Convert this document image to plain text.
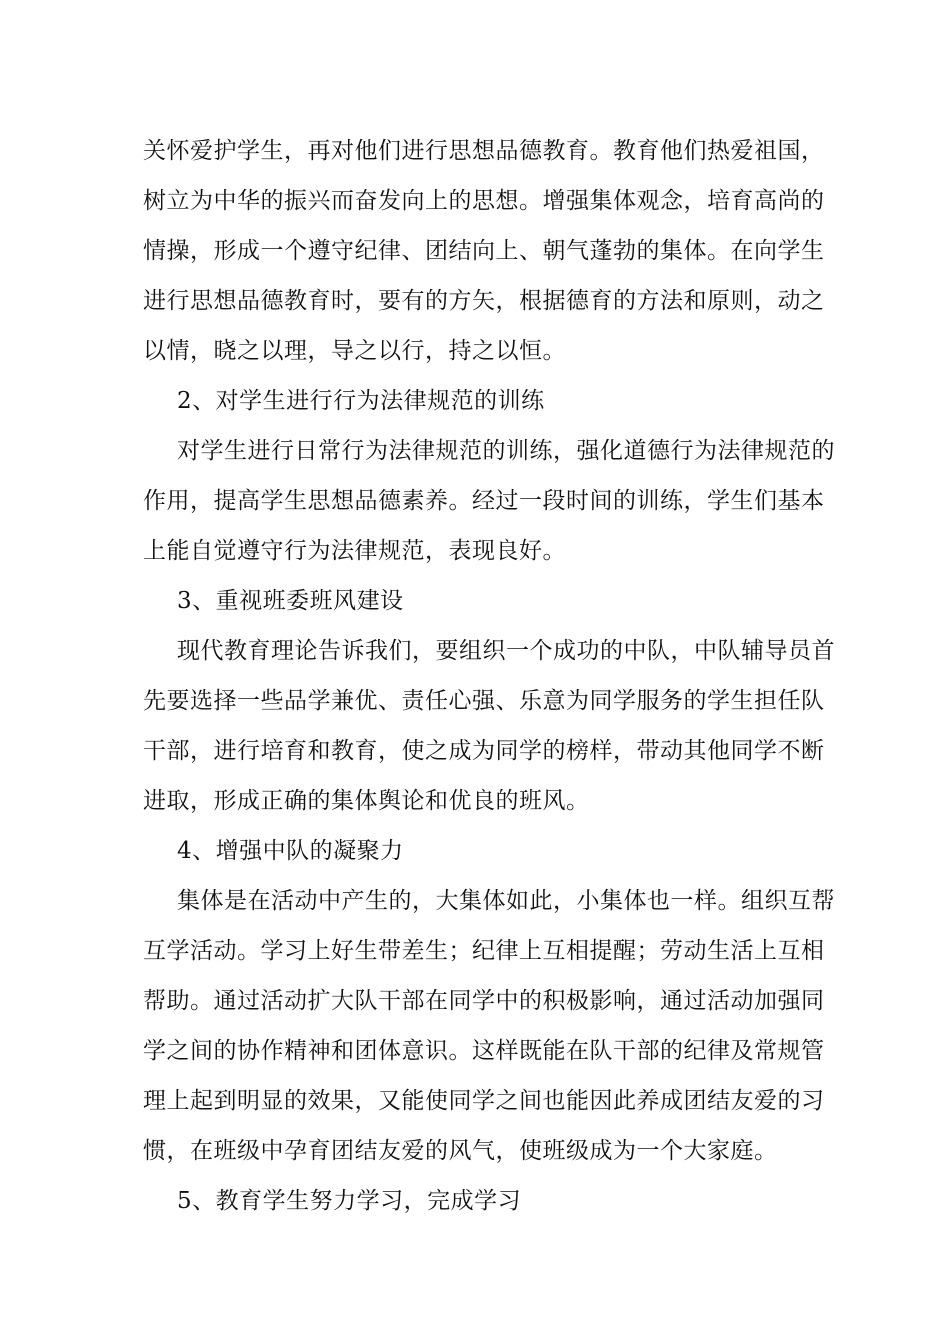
关怀爱护学生，再对他们进行思想品德教育。教育他们热爱祖国，
树立为中华的振兴而奋发向上的思想。增强集体观念，培育高尚的
情操，形成一个遵守纪律、团结向上、朝气蓬勃的集体。在向学生
进行思想品德教育时，要有的方矢，根据德育的方法和原则，动之
以情，晓之以理，导之以行，持之以恒。
2、对学生进行行为法律规范的训练
对学生进行日常行为法律规范的训练，强化道德行为法律规范的
作用，提高学生思想品德素养。经过一段时间的训练，学生们基本
上能自觉遵守行为法律规范，表现良好。
3、重视班委班风建设
现代教育理论告诉我们，要组织一个成功的中队，中队辅导员首
先要选择一些品学兼优、责任心强、乐意为同学服务的学生担任队
干部，进行培育和教育，使之成为同学的榜样，带动其他同学不断
进取，形成正确的集体舆论和优良的班风。
4、增强中队的凝聚力
集体是在活动中产生的，大集体如此，小集体也一样。组织互帮
互学活动。学习上好生带差生；纪律上互相提醒；劳动生活上互相
帮助。通过活动扩大队干部在同学中的积极影响，通过活动加强同
学之间的协作精神和团体意识。这样既能在队干部的纪律及常规管
理上起到明显的效果，又能使同学之间也能因此养成团结友爱的习
惯，在班级中孕育团结友爱的风气，使班级成为一个大家庭。
5、教育学生努力学习，完成学习
